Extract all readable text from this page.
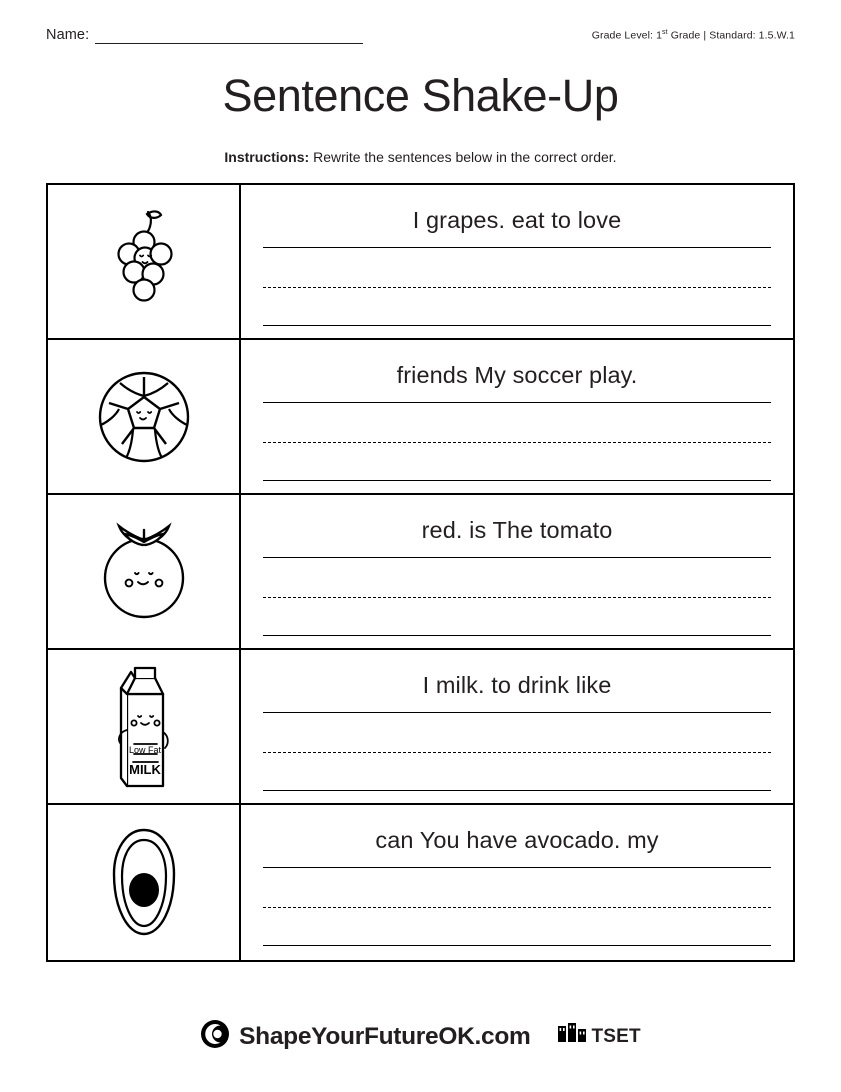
Name:	Grade Level: 1st Grade | Standard: 1.5.W.1
Sentence Shake-Up
Instructions: Rewrite the sentences below in the correct order.
I grapes. eat to love
friends My soccer play.
red. is The tomato
Low Fat
MILK
I milk. to drink like
can You have avocado. my
ShapeYourFutureOK.com	TSET
